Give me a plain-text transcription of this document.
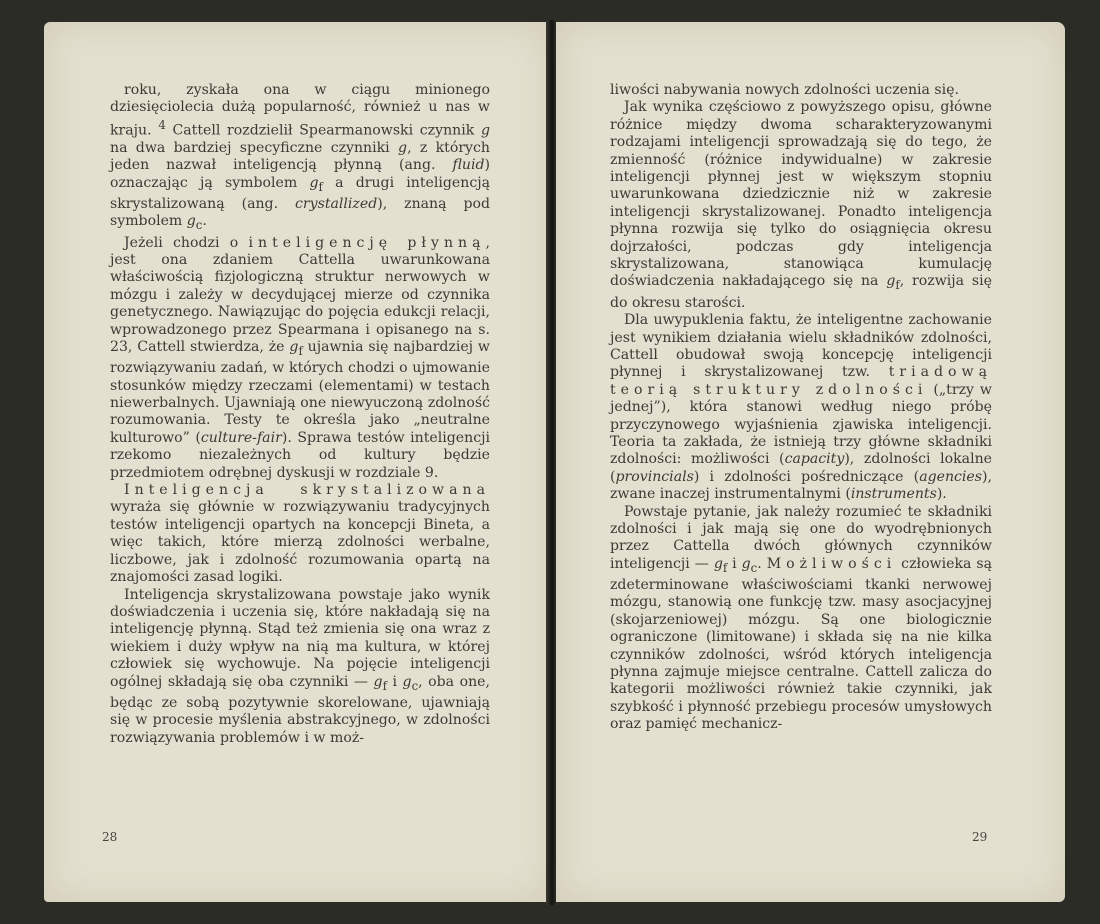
roku, zyskała ona w ciągu minionego dziesięciolecia dużą popularność, również u nas w kraju. $^4$ Cattell rozdzielił Spearmanowski czynnik g na dwa bardziej specyficzne czynniki g, z których jeden nazwał inteligencją płynną (ang. fluid) oznaczając ją symbolem $g_f$ a drugi inteligencją skrystalizowaną (ang. crystallized), znaną pod symbolem $g_c$.

Jeżeli chodzi o inteligencję płynną, jest ona zdaniem Cattella uwarunkowana właściwością fizjologiczną struktur nerwowych w mózgu i zależy w decydującej mierze od czynnika genetycznego. Nawiązując do pojęcia edukcji relacji, wprowadzonego przez Spearmana i opisanego na s. 23, Cattell stwierdza, że $g_f$ ujawnia się najbardziej w rozwiązywaniu zadań, w których chodzi o ujmowanie stosunków między rzeczami (elementami) w testach niewerbalnych. Ujawniają one niewyuczoną zdolność rozumowania. Testy te określa jako „neutralne kulturowo” (culture-fair). Sprawa testów inteligencji rzekomo niezależnych od kultury będzie przedmiotem odrębnej dyskusji w rozdziale 9.

Inteligencja skrystalizowana wyraża się głównie w rozwiązywaniu tradycyjnych testów inteligencji opartych na koncepcji Bineta, a więc takich, które mierzą zdolności werbalne, liczbowe, jak i zdolność rozumowania opartą na znajomości zasad logiki.

Inteligencja skrystalizowana powstaje jako wynik doświadczenia i uczenia się, które nakładają się na inteligencję płynną. Stąd też zmienia się ona wraz z wiekiem i duży wpływ na nią ma kultura, w której człowiek się wychowuje. Na pojęcie inteligencji ogólnej składają się oba czynniki — $g_f$ i $g_c$, oba one, będąc ze sobą pozytywnie skorelowane, ujawniają się w procesie myślenia abstrakcyjnego, w zdolności rozwiązywania problemów i w moż-

28

liwości nabywania nowych zdolności uczenia się.

Jak wynika częściowo z powyższego opisu, główne różnice między dwoma scharakteryzowanymi rodzajami inteligencji sprowadzają się do tego, że zmienność (różnice indywidualne) w zakresie inteligencji płynnej jest w większym stopniu uwarunkowana dziedzicznie niż w zakresie inteligencji skrystalizowanej. Ponadto inteligencja płynna rozwija się tylko do osiągnięcia okresu dojrzałości, podczas gdy inteligencja skrystalizowana, stanowiąca kumulację doświadczenia nakładającego się na $g_f$, rozwija się do okresu starości.

Dla uwypuklenia faktu, że inteligentne zachowanie jest wynikiem działania wielu składników zdolności, Cattell obudował swoją koncepcję inteligencji płynnej i skrystalizowanej tzw. triadową teorią struktury zdolności („trzy w jednej”), która stanowi według niego próbę przyczynowego wyjaśnienia zjawiska inteligencji. Teoria ta zakłada, że istnieją trzy główne składniki zdolności: możliwości (capacity), zdolności lokalne (provincials) i zdolności pośredniczące (agencies), zwane inaczej instrumentalnymi (instruments).

Powstaje pytanie, jak należy rozumieć te składniki zdolności i jak mają się one do wyodrębnionych przez Cattella dwóch głównych czynników inteligencji — $g_f$ i $g_c$. Możliwości człowieka są zdeterminowane właściwościami tkanki nerwowej mózgu, stanowią one funkcję tzw. masy asocjacyjnej (skojarzeniowej) mózgu. Są one biologicznie ograniczone (limitowane) i składa się na nie kilka czynników zdolności, wśród których inteligencja płynna zajmuje miejsce centralne. Cattell zalicza do kategorii możliwości również takie czynniki, jak szybkość i płynność przebiegu procesów umysłowych oraz pamięć mechanicz-

29
